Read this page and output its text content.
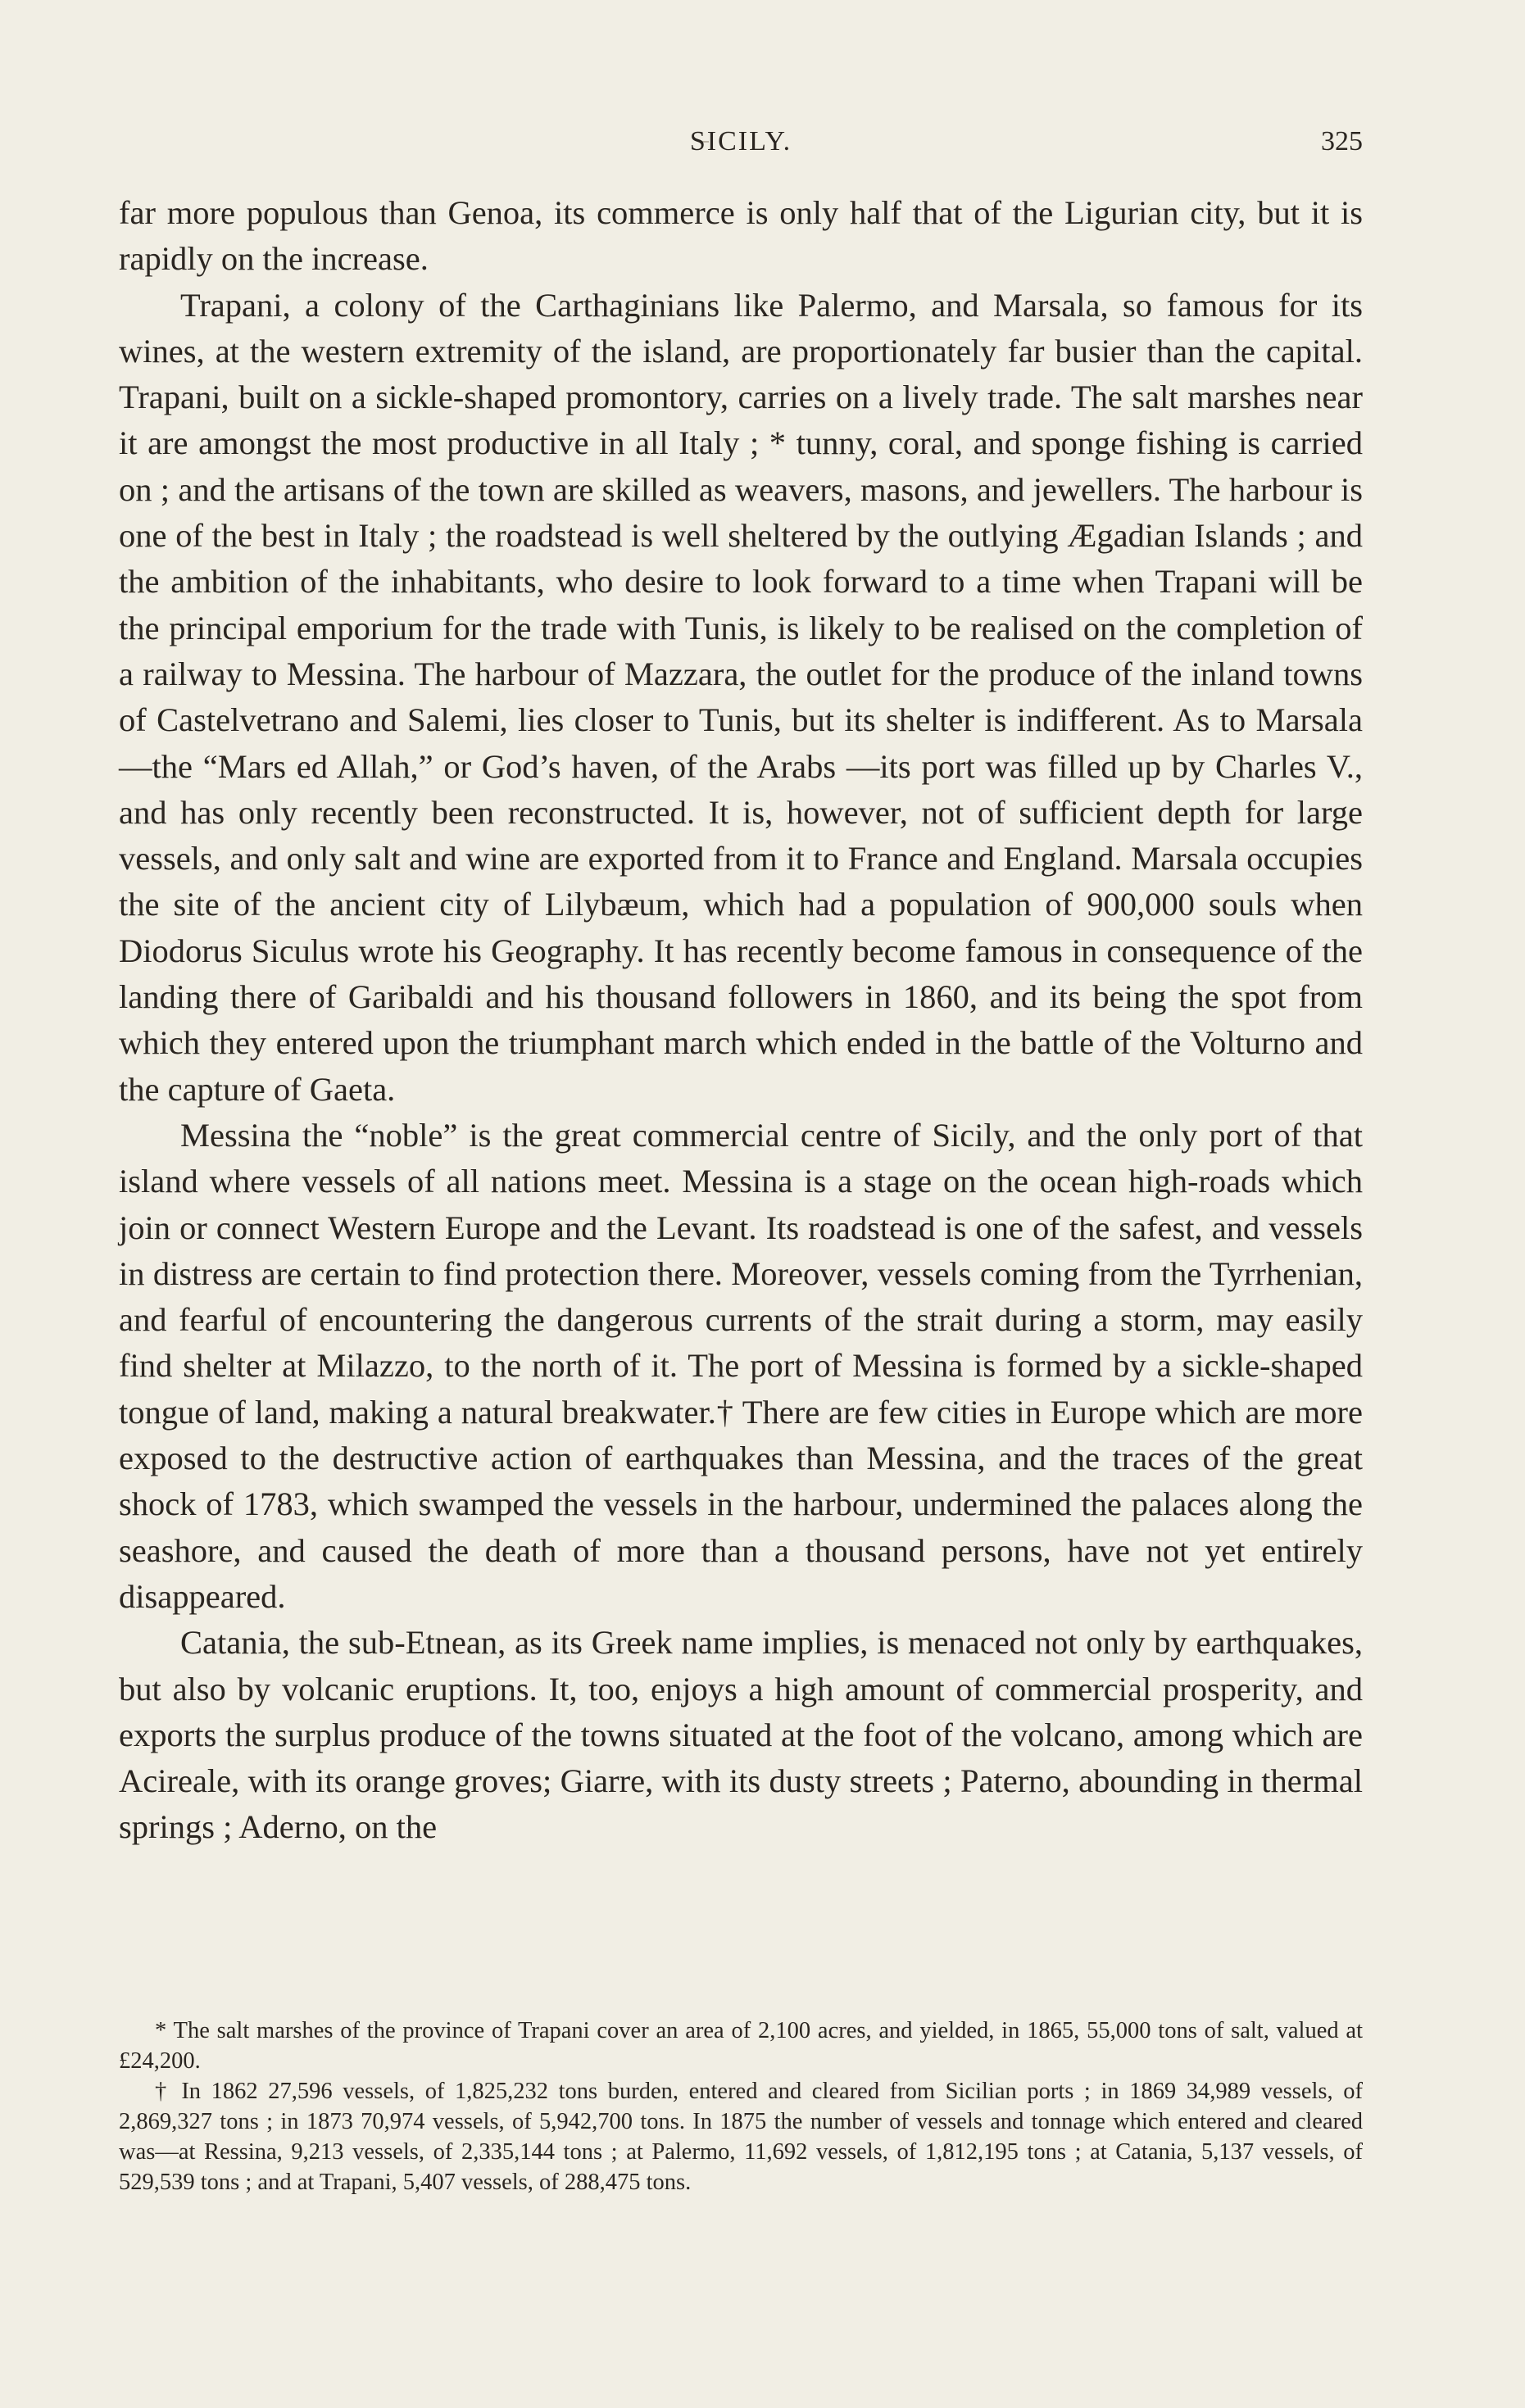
SICILY.	325

far more populous than Genoa, its commerce is only half that of the Ligurian city, but it is rapidly on the increase.

Trapani, a colony of the Carthaginians like Palermo, and Marsala, so famous for its wines, at the western extremity of the island, are proportionately far busier than the capital. Trapani, built on a sickle-shaped promontory, carries on a lively trade. The salt marshes near it are amongst the most productive in all Italy ; * tunny, coral, and sponge fishing is carried on ; and the artisans of the town are skilled as weavers, masons, and jewellers. The harbour is one of the best in Italy ; the roadstead is well sheltered by the outlying Ægadian Islands ; and the ambition of the inhabitants, who desire to look forward to a time when Trapani will be the principal emporium for the trade with Tunis, is likely to be realised on the completion of a railway to Messina. The harbour of Mazzara, the outlet for the produce of the inland towns of Castelvetrano and Salemi, lies closer to Tunis, but its shelter is indifferent. As to Marsala—the “Mars ed Allah,” or God’s haven, of the Arabs —its port was filled up by Charles V., and has only recently been reconstructed. It is, however, not of sufficient depth for large vessels, and only salt and wine are exported from it to France and England. Marsala occupies the site of the ancient city of Lilybæum, which had a population of 900,000 souls when Diodorus Siculus wrote his Geography. It has recently become famous in consequence of the landing there of Garibaldi and his thousand followers in 1860, and its being the spot from which they entered upon the triumphant march which ended in the battle of the Volturno and the capture of Gaeta.

Messina the “noble” is the great commercial centre of Sicily, and the only port of that island where vessels of all nations meet. Messina is a stage on the ocean high-roads which join or connect Western Europe and the Levant. Its roadstead is one of the safest, and vessels in distress are certain to find protection there. Moreover, vessels coming from the Tyrrhenian, and fearful of encountering the dangerous currents of the strait during a storm, may easily find shelter at Milazzo, to the north of it. The port of Messina is formed by a sickle-shaped tongue of land, making a natural breakwater.† There are few cities in Europe which are more exposed to the destructive action of earthquakes than Messina, and the traces of the great shock of 1783, which swamped the vessels in the harbour, undermined the palaces along the seashore, and caused the death of more than a thousand persons, have not yet entirely disappeared.

Catania, the sub-Etnean, as its Greek name implies, is menaced not only by earthquakes, but also by volcanic eruptions. It, too, enjoys a high amount of commercial prosperity, and exports the surplus produce of the towns situated at the foot of the volcano, among which are Acireale, with its orange groves; Giarre, with its dusty streets ; Paterno, abounding in thermal springs ; Aderno, on the

* The salt marshes of the province of Trapani cover an area of 2,100 acres, and yielded, in 1865, 55,000 tons of salt, valued at £24,200.

† In 1862 27,596 vessels, of 1,825,232 tons burden, entered and cleared from Sicilian ports ; in 1869 34,989 vessels, of 2,869,327 tons ; in 1873 70,974 vessels, of 5,942,700 tons. In 1875 the number of vessels and tonnage which entered and cleared was—at Ressina, 9,213 vessels, of 2,335,144 tons ; at Palermo, 11,692 vessels, of 1,812,195 tons ; at Catania, 5,137 vessels, of 529,539 tons ; and at Trapani, 5,407 vessels, of 288,475 tons.
